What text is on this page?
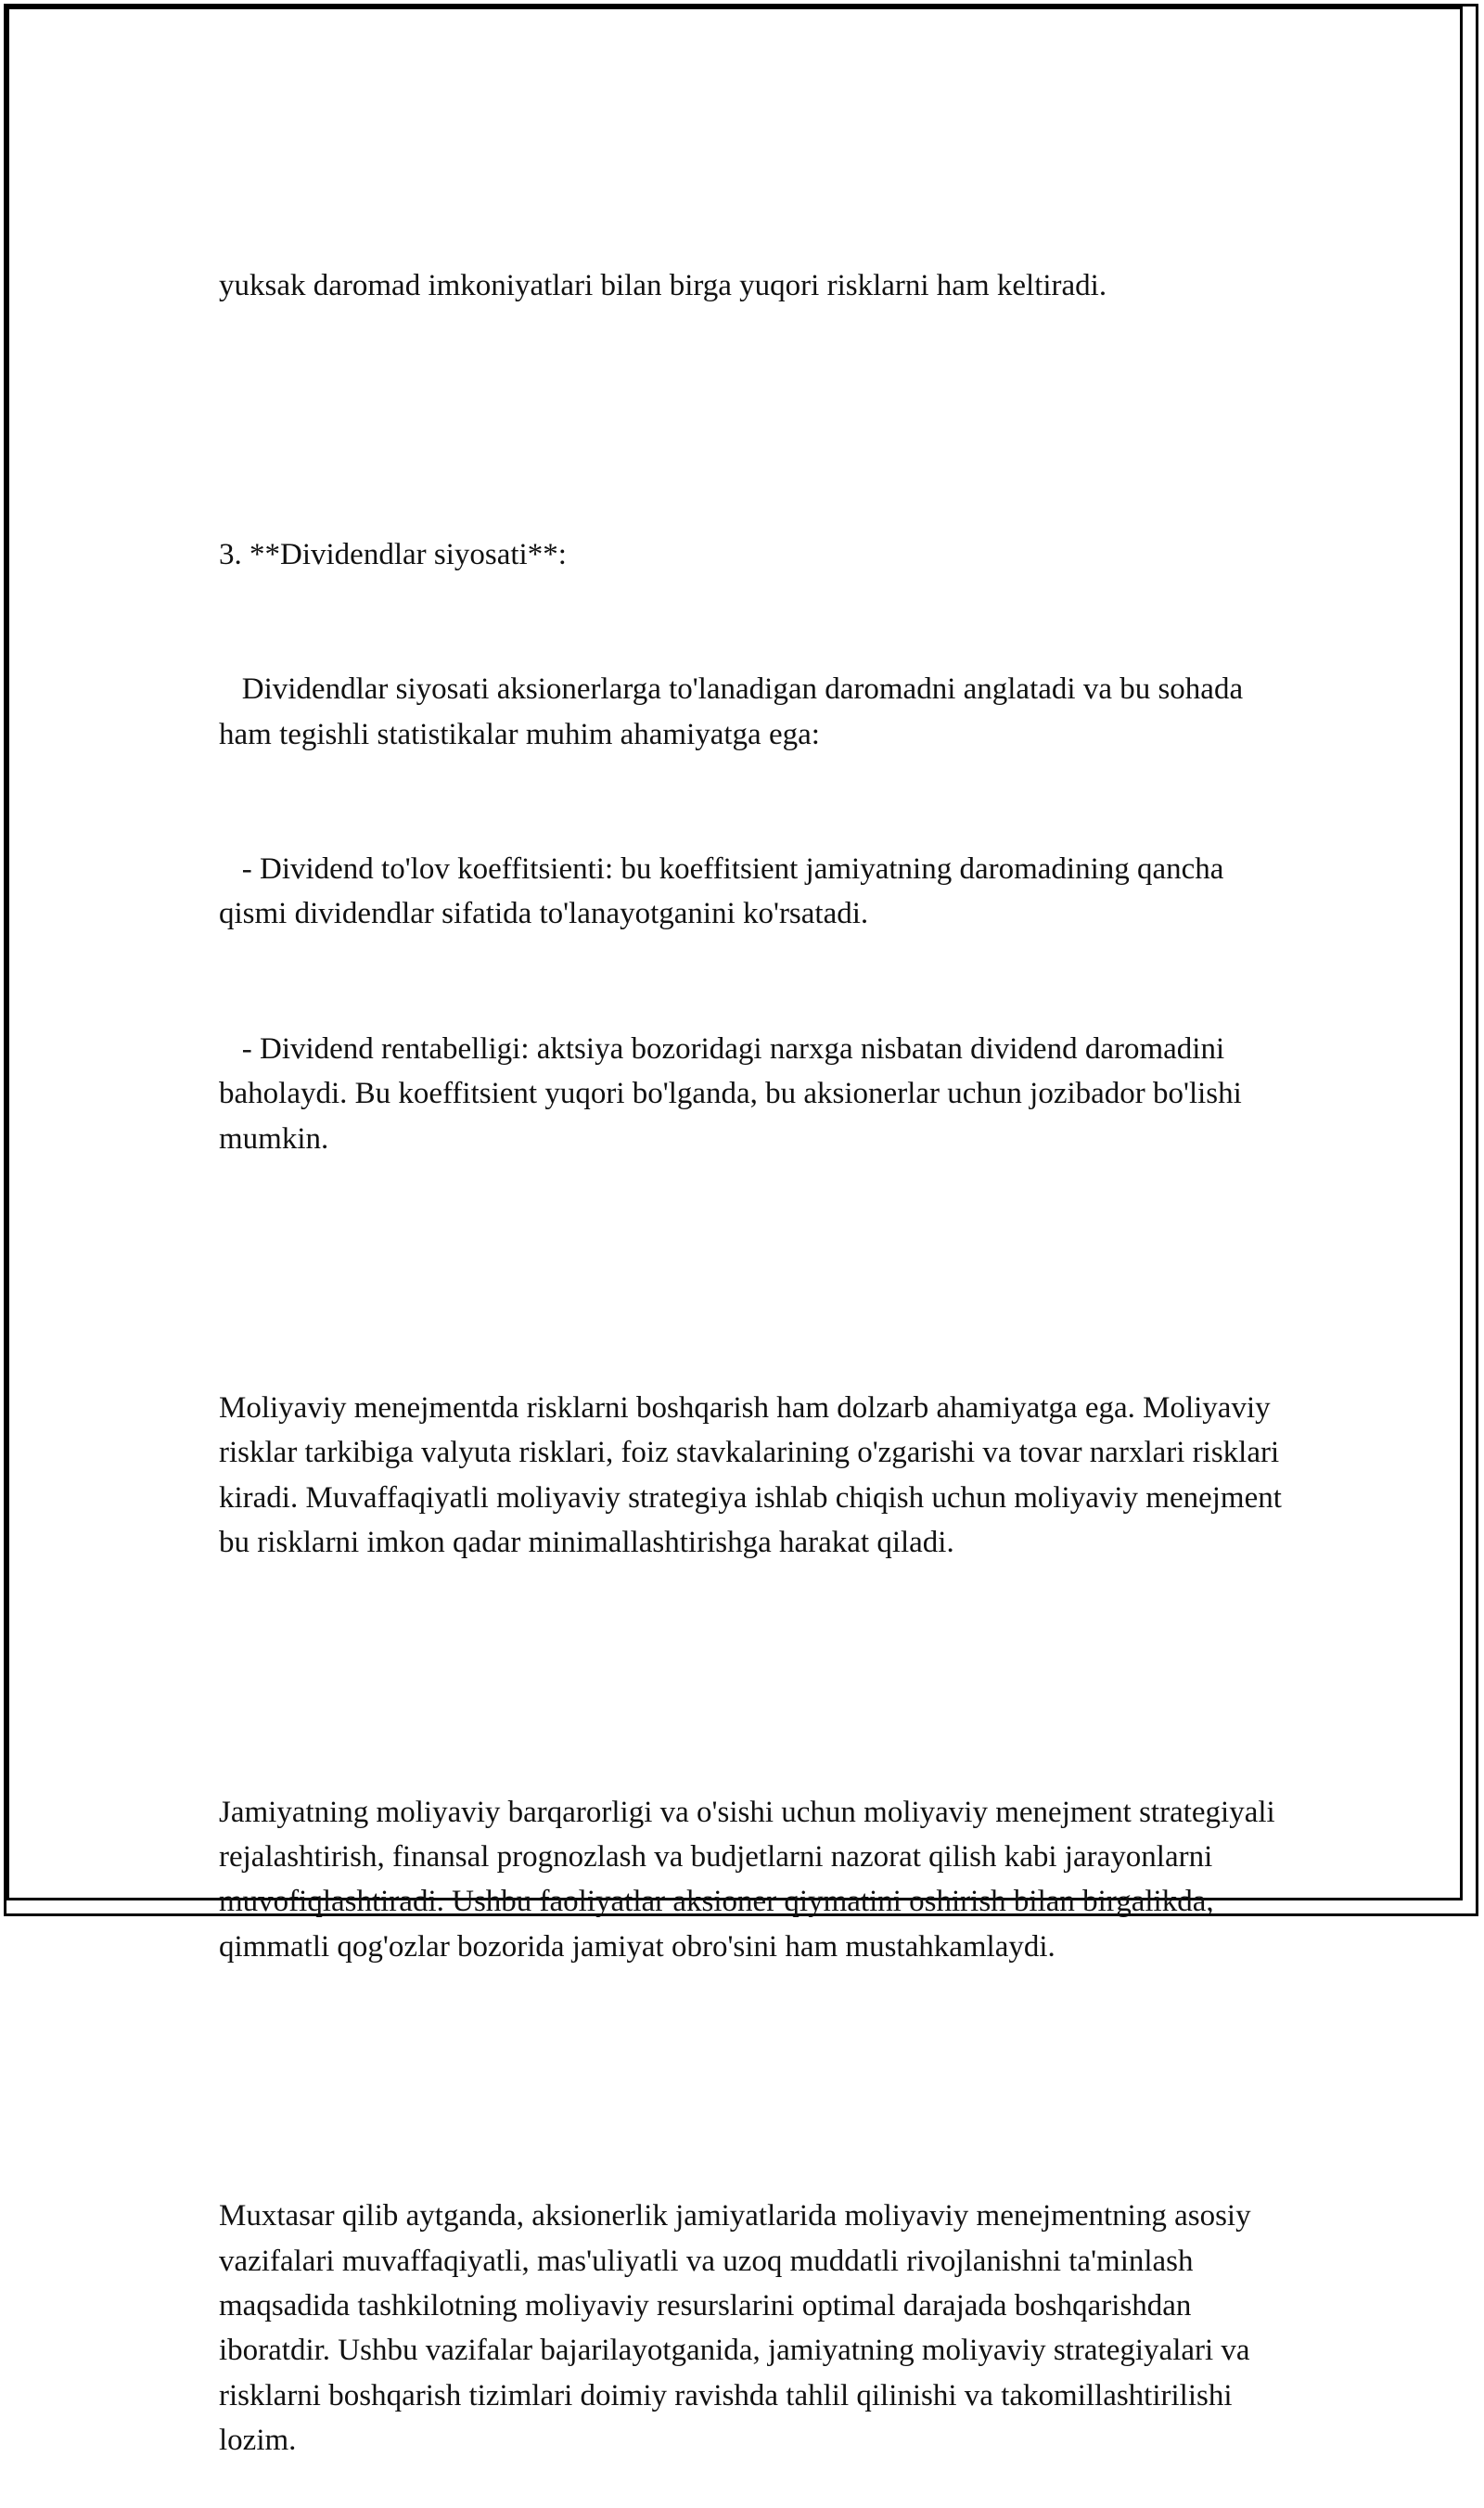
yuksak daromad imkoniyatlari bilan birga yuqori risklarni ham keltiradi.

3. **Dividendlar siyosati**:

Dividendlar siyosati aksionerlarga to'lanadigan daromadni anglatadi va bu sohada ham tegishli statistikalar muhim ahamiyatga ega:

- Dividend to'lov koeffitsienti: bu koeffitsient jamiyatning daromadining qancha qismi dividendlar sifatida to'lanayotganini ko'rsatadi.

- Dividend rentabelligi: aktsiya bozoridagi narxga nisbatan dividend daromadini baholaydi. Bu koeffitsient yuqori bo'lganda, bu aksionerlar uchun jozibador bo'lishi mumkin.

Moliyaviy menejmentda risklarni boshqarish ham dolzarb ahamiyatga ega. Moliyaviy risklar tarkibiga valyuta risklari, foiz stavkalarining o'zgarishi va tovar narxlari risklari kiradi. Muvaffaqiyatli moliyaviy strategiya ishlab chiqish uchun moliyaviy menejment bu risklarni imkon qadar minimallashtirishga harakat qiladi.

Jamiyatning moliyaviy barqarorligi va o'sishi uchun moliyaviy menejment strategiyali rejalashtirish, finansal prognozlash va budjetlarni nazorat qilish kabi jarayonlarni muvofiqlashtiradi. Ushbu faoliyatlar aksioner qiymatini oshirish bilan birgalikda, qimmatli qog'ozlar bozorida jamiyat obro'sini ham mustahkamlaydi.

Muxtasar qilib aytganda, aksionerlik jamiyatlarida moliyaviy menejmentning asosiy vazifalari muvaffaqiyatli, mas'uliyatli va uzoq muddatli rivojlanishni ta'minlash maqsadida tashkilotning moliyaviy resurslarini optimal darajada boshqarishdan iboratdir. Ushbu vazifalar bajarilayotganida, jamiyatning moliyaviy strategiyalari va risklarni boshqarish tizimlari doimiy ravishda tahlil qilinishi va takomillashtirilishi lozim.
